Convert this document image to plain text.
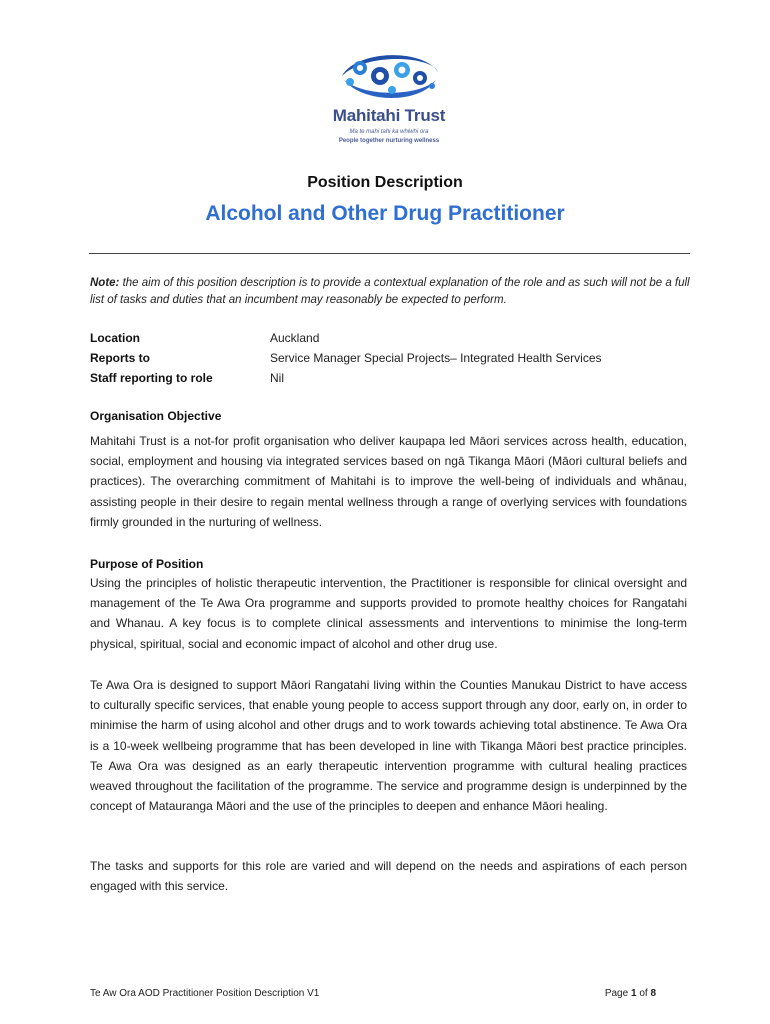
Mahitahi Trust
Ma te mahi tahi ka whiwhi ora
People together nurturing wellness
Position Description
Alcohol and Other Drug Practitioner
Note: the aim of this position description is to provide a contextual explanation of the role and as such will not be a full list of tasks and duties that an incumbent may reasonably be expected to perform.
Location	Auckland
Reports to	Service Manager Special Projects– Integrated Health Services
Staff reporting to role	Nil
Organisation Objective
Mahitahi Trust is a not-for profit organisation who deliver kaupapa led Māori services across health, education, social, employment and housing via integrated services based on ngā Tikanga Māori (Māori cultural beliefs and practices). The overarching commitment of Mahitahi is to improve the well-being of individuals and whānau, assisting people in their desire to regain mental wellness through a range of overlying services with foundations firmly grounded in the nurturing of wellness.
Purpose of Position
Using the principles of holistic therapeutic intervention, the Practitioner is responsible for clinical oversight and management of the Te Awa Ora programme and supports provided to promote healthy choices for Rangatahi and Whanau. A key focus is to complete clinical assessments and interventions to minimise the long-term physical, spiritual, social and economic impact of alcohol and other drug use.
Te Awa Ora is designed to support Māori Rangatahi living within the Counties Manukau District to have access to culturally specific services, that enable young people to access support through any door, early on, in order to minimise the harm of using alcohol and other drugs and to work towards achieving total abstinence. Te Awa Ora is a 10-week wellbeing programme that has been developed in line with Tikanga Māori best practice principles. Te Awa Ora was designed as an early therapeutic intervention programme with cultural healing practices weaved throughout the facilitation of the programme. The service and programme design is underpinned by the concept of Matauranga Māori and the use of the principles to deepen and enhance Māori healing.
The tasks and supports for this role are varied and will depend on the needs and aspirations of each person engaged with this service.
Te Aw Ora AOD Practitioner Position Description V1	Page 1 of 8
